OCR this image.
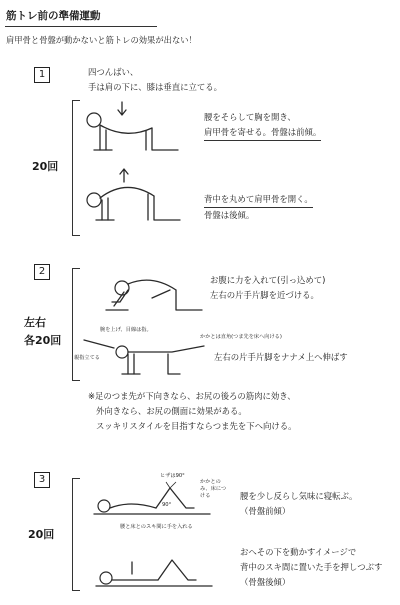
筋トレ前の準備運動
肩甲骨と骨盤が動かないと筋トレの効果が出ない！
1	四つんばい、
手は肩の下に、膝は垂直に立てる。
20回
腰をそらして胸を開き、
肩甲骨を寄せる。骨盤は前傾。
背中を丸めて肩甲骨を開く。
骨盤は後傾。
2
左右
各20回
お腹に力を入れて(引っ込めて)
左右の片手片脚を近づける。
腕を上げ、目線は指。
かかとは直角(つま先を床へ向ける)
親指立てる	左右の片手片脚をナナメ上へ伸ばす
※足のつま先が下向きなら、お尻の後ろの筋肉に効き、
外向きなら、お尻の側面に効果がある。
スッキリスタイルを目指すならつま先を下へ向ける。
3
20回
ヒザは90°
かかとのみ、床につける
90°
腰と床とのスキ間に手を入れる
腰を少し反らし気味に寝転ぶ。
（骨盤前傾）
おへその下を動かすイメージで
背中のスキ間に置いた手を押しつぶす
（骨盤後傾）
